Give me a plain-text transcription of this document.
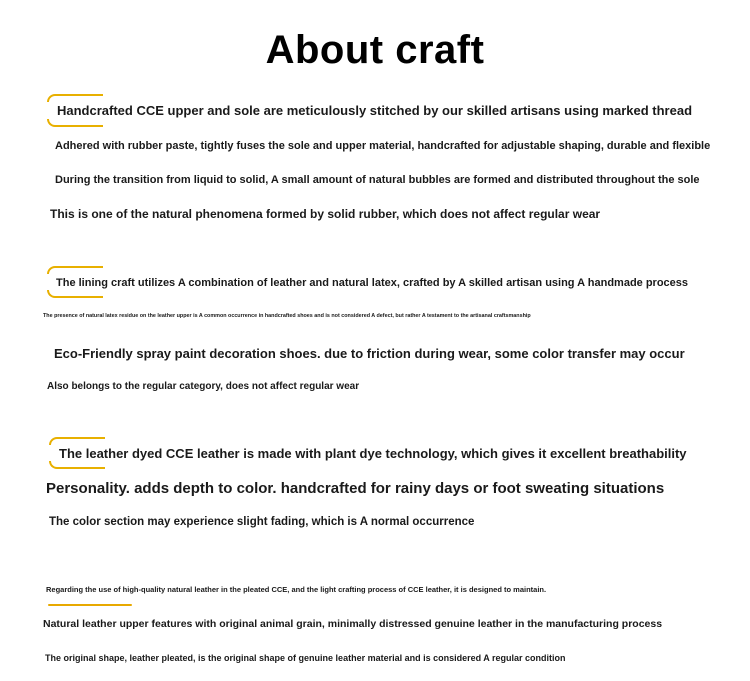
About craft
Handcrafted CCE upper and sole are meticulously stitched by our skilled artisans using marked thread
Adhered with rubber paste, tightly fuses the sole and upper material, handcrafted for adjustable shaping, durable and flexible
During the transition from liquid to solid, A small amount of natural bubbles are formed and distributed throughout the sole
This is one of the natural phenomena formed by solid rubber, which does not affect regular wear
The lining craft utilizes A combination of leather and natural latex, crafted by A skilled artisan using A handmade process
The presence of natural latex residue on the leather upper is A common occurrence in handcrafted shoes and is not considered A defect, but rather A testament to the artisanal craftsmanship
Eco-Friendly spray paint decoration shoes. due to friction during wear, some color transfer may occur
Also belongs to the regular category, does not affect regular wear
The leather dyed CCE leather is made with plant dye technology, which gives it excellent breathability
Personality. adds depth to color. handcrafted for rainy days or foot sweating situations
The color section may experience slight fading, which is A normal occurrence
Regarding the use of high-quality natural leather in the pleated CCE, and the light crafting process of CCE leather, it is designed to maintain.
Natural leather upper features with original animal grain, minimally distressed genuine leather in the manufacturing process
The original shape, leather pleated, is the original shape of genuine leather material and is considered A regular condition
